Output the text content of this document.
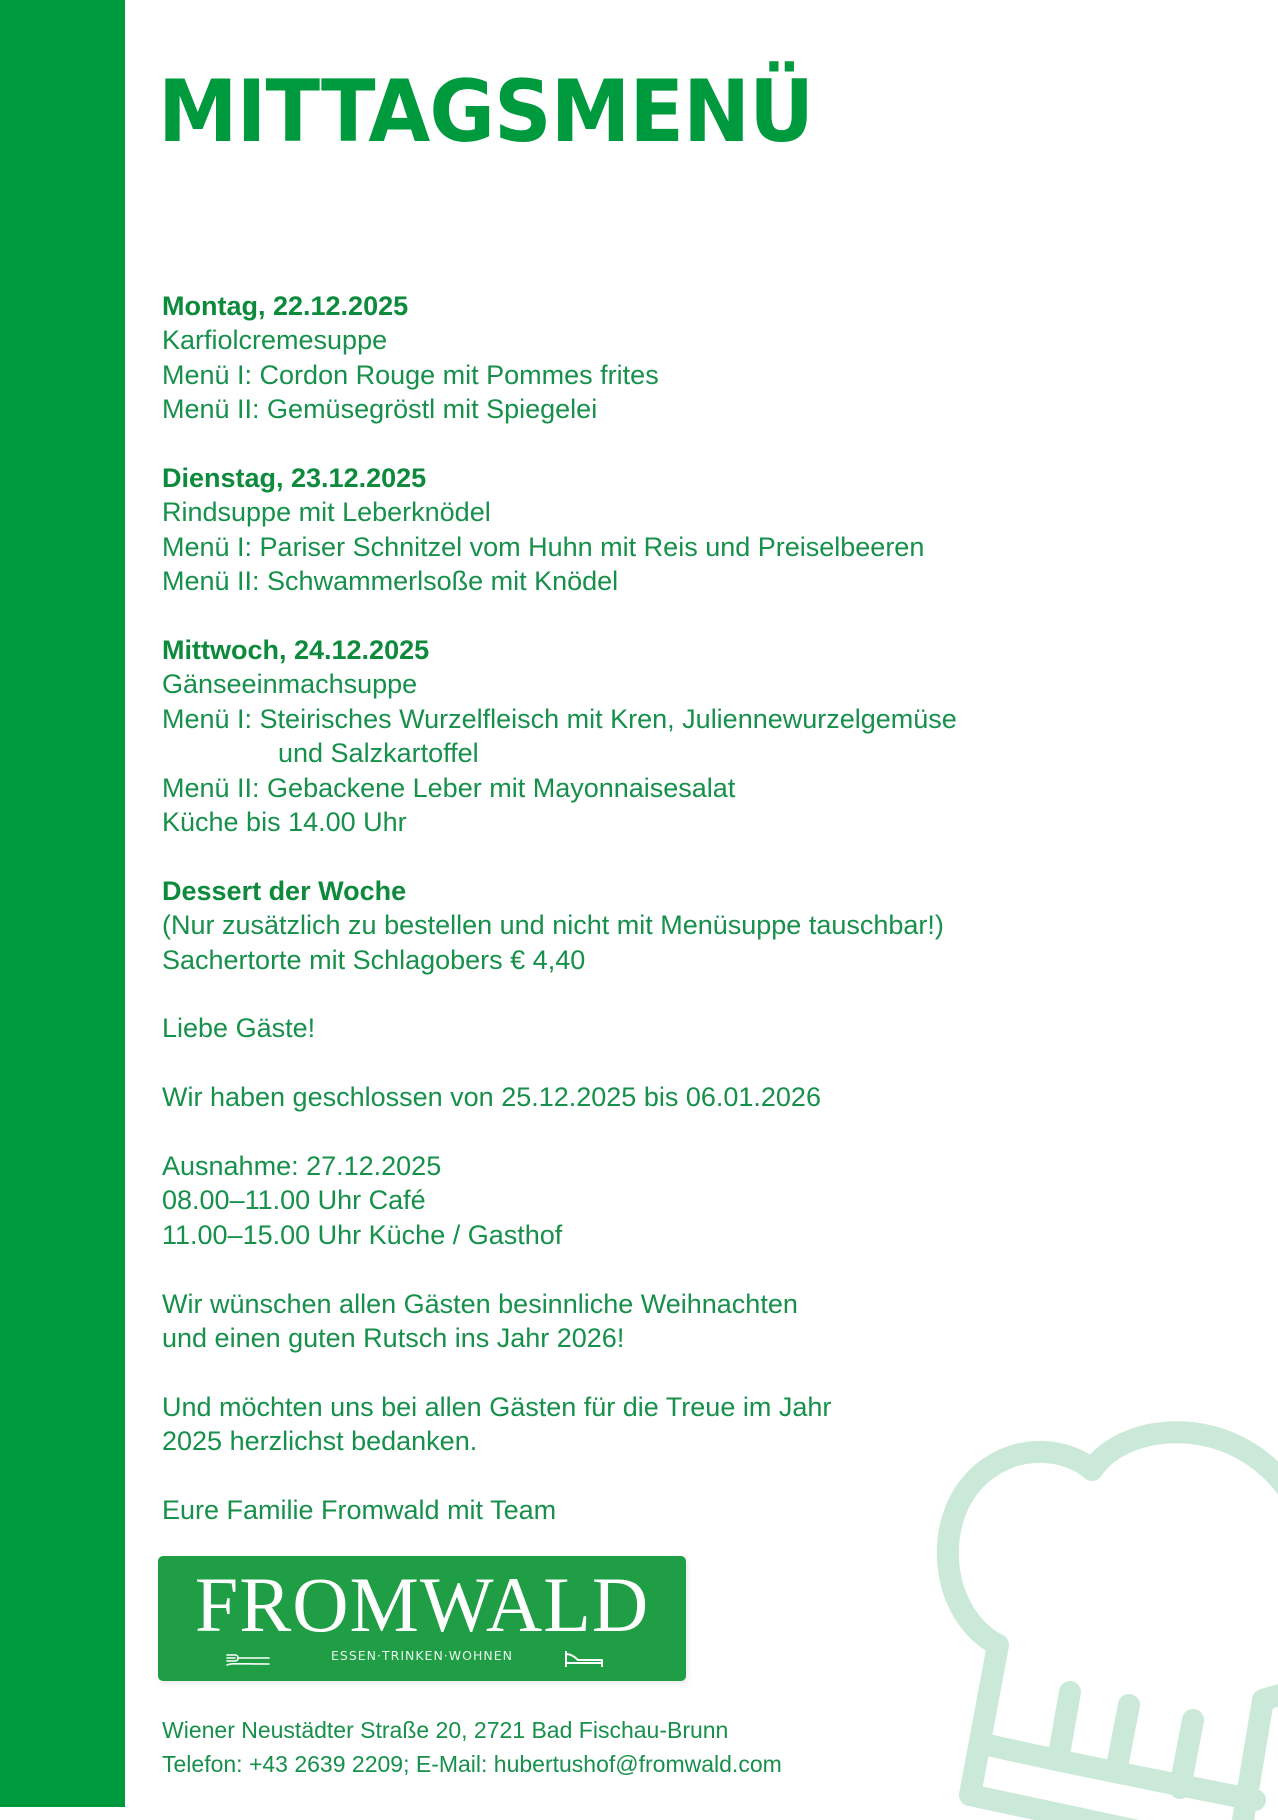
MITTAGSMENÜ
Montag, 22.12.2025
Karfiolcremesuppe
Menü I: Cordon Rouge mit Pommes frites
Menü II: Gemüsegröstl mit Spiegelei
Dienstag, 23.12.2025
Rindsuppe mit Leberknödel
Menü I: Pariser Schnitzel vom Huhn mit Reis und Preiselbeeren
Menü II: Schwammerlsoße mit Knödel
Mittwoch, 24.12.2025
Gänseeinmachsuppe
Menü I: Steirisches Wurzelfleisch mit Kren, Juliennewurzelgemüse
und Salzkartoffel
Menü II: Gebackene Leber mit Mayonnaisesalat
Küche bis 14.00 Uhr
Dessert der Woche
(Nur zusätzlich zu bestellen und nicht mit Menüsuppe tauschbar!)
Sachertorte mit Schlagobers € 4,40
Liebe Gäste!
Wir haben geschlossen von 25.12.2025 bis 06.01.2026
Ausnahme: 27.12.2025
08.00–11.00 Uhr Café
11.00–15.00 Uhr Küche / Gasthof
Wir wünschen allen Gästen besinnliche Weihnachten
und einen guten Rutsch ins Jahr 2026!
Und möchten uns bei allen Gästen für die Treue im Jahr
2025 herzlichst bedanken.
Eure Familie Fromwald mit Team
FROMWALD
ESSEN·TRINKEN·WOHNEN
Wiener Neustädter Straße 20, 2721 Bad Fischau-Brunn
Telefon: +43 2639 2209; E-Mail: hubertushof@fromwald.com
